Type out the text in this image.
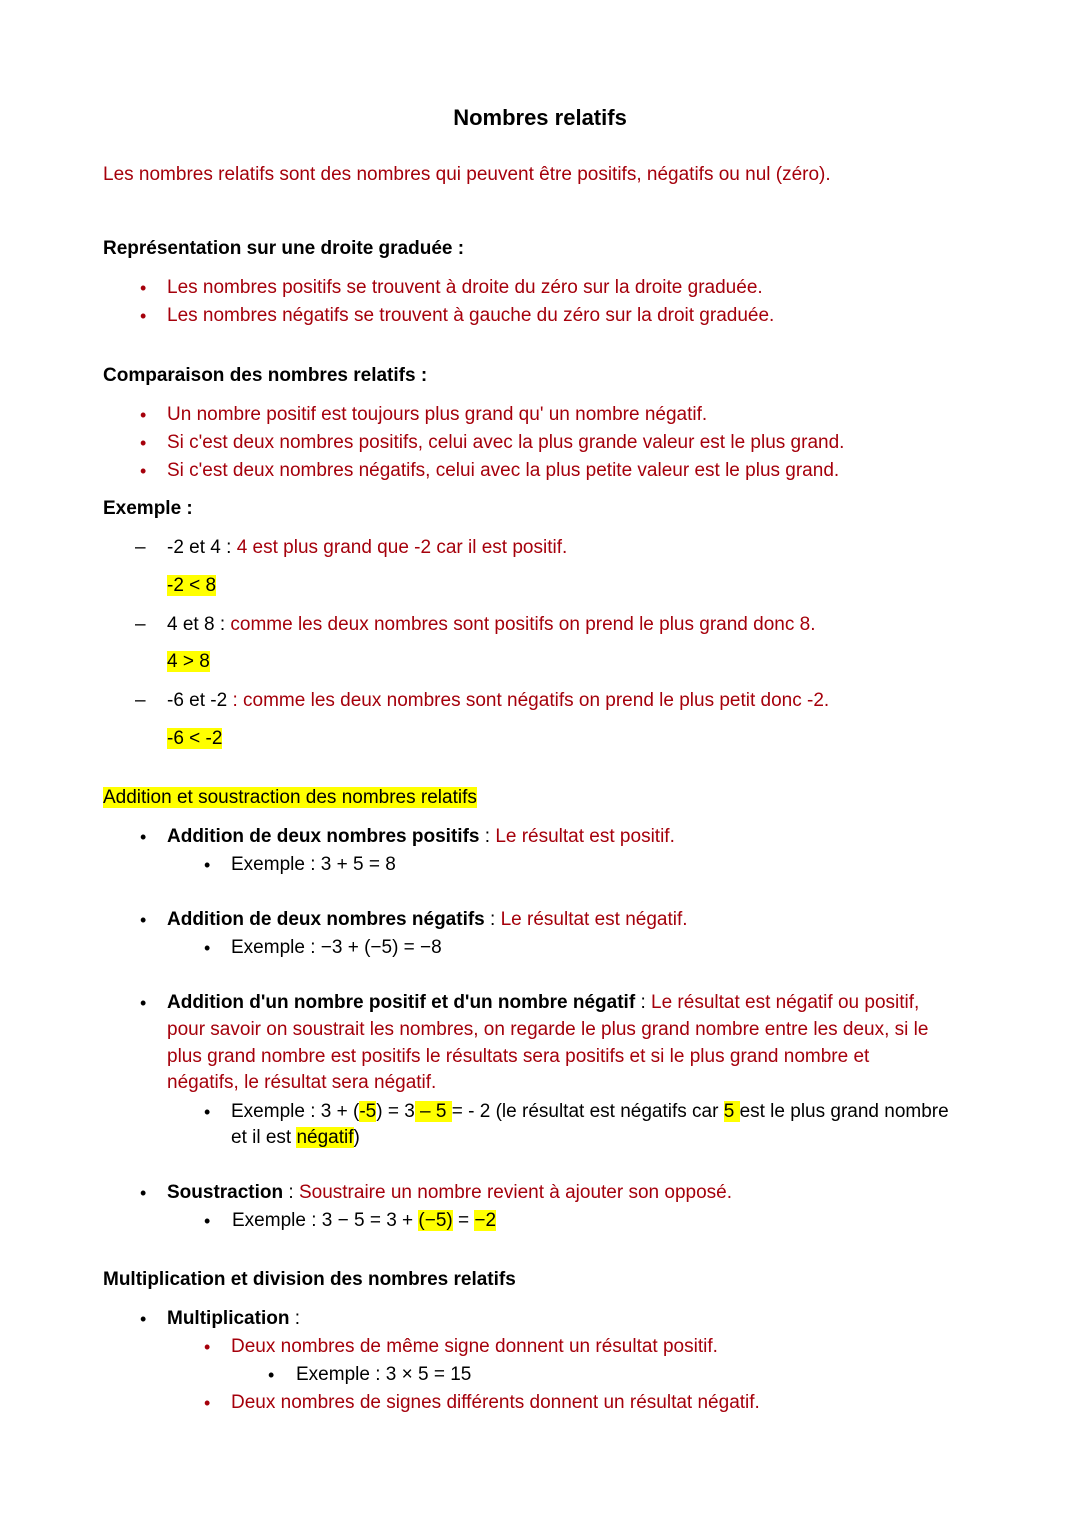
Nombres relatifs
Les nombres relatifs sont des nombres qui peuvent être positifs, négatifs ou nul (zéro).
Représentation sur une droite graduée :
• Les nombres positifs se trouvent à droite du zéro sur la droite graduée.
• Les nombres négatifs se trouvent à gauche du zéro sur la droit graduée.
Comparaison des nombres relatifs :
• Un nombre positif est toujours plus grand qu' un nombre négatif.
• Si c'est deux nombres positifs, celui avec la plus grande valeur est le plus grand.
• Si c'est deux nombres négatifs, celui avec la plus petite valeur est le plus grand.
Exemple :
– -2 et 4 : 4 est plus grand que -2 car il est positif.
-2 < 8
– 4 et 8 : comme les deux nombres sont positifs on prend le plus grand donc 8.
4 > 8
– -6 et -2 : comme les deux nombres sont négatifs on prend le plus petit donc -2.
-6 < -2
Addition et soustraction des nombres relatifs
• Addition de deux nombres positifs : Le résultat est positif.
• Exemple : 3 + 5 = 8
• Addition de deux nombres négatifs : Le résultat est négatif.
• Exemple : −3 + (−5) = −8
• Addition d'un nombre positif et d'un nombre négatif : Le résultat est négatif ou positif,
pour savoir on soustrait les nombres, on regarde le plus grand nombre entre les deux, si le
plus grand nombre est positifs le résultats sera positifs et si le plus grand nombre et
négatifs, le résultat sera négatif.
• Exemple : 3 + (-5) = 3 – 5 = - 2 (le résultat est négatifs car 5 est le plus grand nombre
et il est négatif)
• Soustraction : Soustraire un nombre revient à ajouter son opposé.
• Exemple : 3 − 5 = 3 + (−5) = −2
Multiplication et division des nombres relatifs
• Multiplication :
• Deux nombres de même signe donnent un résultat positif.
• Exemple : 3 × 5 = 15
• Deux nombres de signes différents donnent un résultat négatif.
